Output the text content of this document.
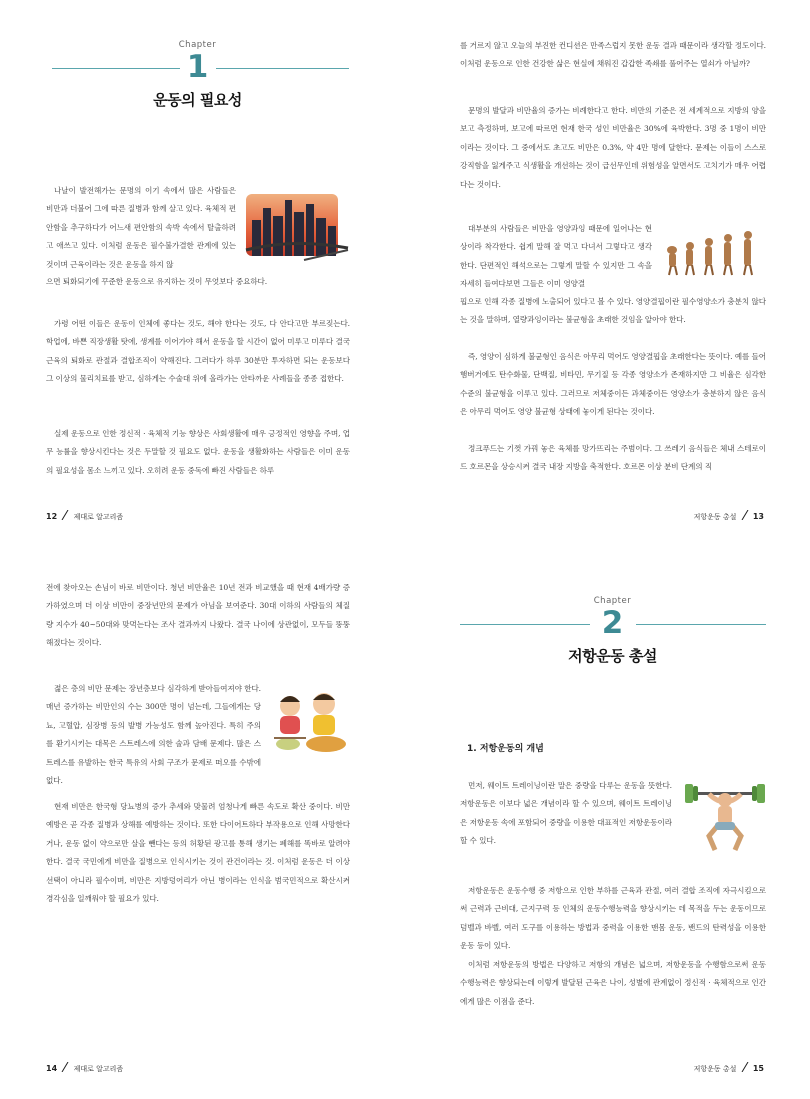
Chapter
1
운동의 필요성

나날이 발전해가는 문명의 이기 속에서 많은 사람들은 비만과 더불어 그에 따른 질병과 함께 살고 있다. 육체적 편안함을 추구하다가 어느새 편안함의 속박 속에서 탈출하려고 애쓰고 있다. 이처럼 운동은 필수불가결한 관계에 있는 것이며 근육이라는 것은 운동을 하지 않

으면 퇴화되기에 꾸준한 운동으로 유지하는 것이 무엇보다 중요하다.

가령 어떤 이들은 운동이 인체에 좋다는 것도, 해야 한다는 것도, 다 안다고만 부르짖는다. 학업에, 바쁜 직장생활 탓에, 생계를 이어가야 해서 운동을 할 시간이 없어 미루고 미루다 결국 근육의 퇴화로 관절과 결합조직이 약해진다. 그러다가 하루 30분만 투자하면 되는 운동보다 그 이상의 물리치료를 받고, 심하게는 수술대 위에 올라가는 안타까운 사례들을 종종 접한다.

실제 운동으로 인한 정신적 · 육체적 기능 향상은 사회생활에 매우 긍정적인 영향을 주며, 업무 능률을 향상시킨다는 것은 두말할 것 필요도 없다. 운동을 생활화하는 사람들은 이미 운동의 필요성을 몸소 느끼고 있다. 오히려 운동 중독에 빠진 사람들은 하루

12 제대로 알고리즘

를 거르지 않고 오늘의 부진한 컨디션은 만족스럽지 못한 운동 결과 때문이라 생각할 정도이다. 이처럼 운동으로 인한 건강한 삶은 현실에 채워진 갑갑한 족쇄를 풀어주는 열쇠가 아닐까?

문명의 발달과 비만율의 증가는 비례한다고 한다. 비만의 기준은 전 세계적으로 지방의 양을 보고 측정하며, 보고에 따르면 현재 한국 성인 비만율은 30%에 육박한다. 3명 중 1명이 비만이라는 것이다. 그 중에서도 초고도 비만은 0.3%, 약 4만 명에 달한다. 문제는 이들이 스스로 강직함을 잃게주고 식생활을 개선하는 것이 급선무인데 위험성을 알면서도 고치기가 매우 어렵다는 것이다.

대부분의 사람들은 비만을 영양과잉 때문에 일어나는 현상이라 착각한다. 쉽게 말해 잘 먹고 다녀서 그렇다고 생각한다. 단편적인 해석으로는 그렇게 말할 수 있지만 그 속을 자세히 들여다보면 그들은 이미 영양결

핍으로 인해 각종 질병에 노출되어 있다고 볼 수 있다. 영양결핍이란 필수영양소가 충분치 않다는 것을 말하며, 열량과잉이라는 불균형을 초래한 것임을 알아야 한다.

즉, 영양이 심하게 불균형인 음식은 아무리 먹어도 영양결핍을 초래한다는 뜻이다. 예를 들어 햄버거에도 탄수화물, 단백질, 비타민, 무기질 등 각종 영양소가 존재하지만 그 비율은 심각한 수준의 불균형을 이루고 있다. 그러므로 저체중이든 과체중이든 영양소가 충분하지 않은 음식은 아무리 먹어도 영양 불균형 상태에 놓이게 된다는 것이다.

정크푸드는 기껏 가꿔 놓은 육체를 망가뜨리는 주범이다. 그 쓰레기 음식들은 체내 스테로이드 호르몬을 상승시켜 결국 내장 지방을 축적한다. 호르몬 이상 분비 단계의 직

저항운동 총설 13

전에 찾아오는 손님이 바로 비만이다. 청년 비만율은 10년 전과 비교했을 때 현재 4배가량 증가하였으며 더 이상 비만이 중장년만의 문제가 아님을 보여준다. 30대 이하의 사람들의 체질량 지수가 40~50대와 맞먹는다는 조사 결과까지 나왔다. 결국 나이에 상관없이, 모두들 뚱뚱해졌다는 것이다.

젊은 층의 비만 문제는 장년층보다 심각하게 받아들여져야 한다. 매년 증가하는 비만인의 수는 300만 명이 넘는데, 그들에게는 당뇨, 고혈압, 심장병 등의 발병 가능성도 함께 높아진다. 특히 주의를 환기시키는 대목은 스트레스에 의한 술과 담배 문제다. 많은 스트레스를 유발하는 한국 특유의 사회 구조가 문제로 떠오를 수밖에 없다.

현재 비만은 한국형 당뇨병의 증가 추세와 맞물려 엄청나게 빠른 속도로 확산 중이다. 비만 예방은 곧 각종 질병과 상해를 예방하는 것이다. 또한 다이어트하다 부작용으로 인해 사망한다거나, 운동 없이 약으로만 살을 뺀다는 등의 허황된 광고를 통해 생기는 폐해를 똑바로 알려야 한다. 결국 국민에게 비만을 질병으로 인식시키는 것이 관건이라는 것. 이처럼 운동은 더 이상 선택이 아니라 필수이며, 비만은 지방덩어리가 아닌 병이라는 인식을 범국민적으로 확산시켜 경각심을 일깨워야 할 필요가 있다.

14 제대로 알고리즘
Chapter
2
저항운동 총설
1. 저항운동의 개념

먼저, 웨이트 트레이닝이란 말은 중량을 다루는 운동을 뜻한다. 저항운동은 이보다 넓은 개념이라 할 수 있으며, 웨이트 트레이닝은 저항운동 속에 포함되어 중량을 이용한 대표적인 저항운동이라 할 수 있다.

저항운동은 운동수행 중 저항으로 인한 부하를 근육과 관절, 여러 결합 조직에 자극시킴으로써 근력과 근비대, 근지구력 등 인체의 운동수행능력을 향상시키는 데 목적을 두는 운동이므로 덤벨과 바벨, 여러 도구를 이용하는 방법과 중력을 이용한 맨몸 운동, 밴드의 탄력성을 이용한 운동 등이 있다.

이처럼 저항운동의 방법은 다양하고 저항의 개념은 넓으며, 저항운동을 수행함으로써 운동수행능력은 향상되는데 이렇게 발달된 근육은 나이, 성별에 관계없이 정신적 · 육체적으로 인간에게 많은 이점을 준다.

저항운동 총설 15
